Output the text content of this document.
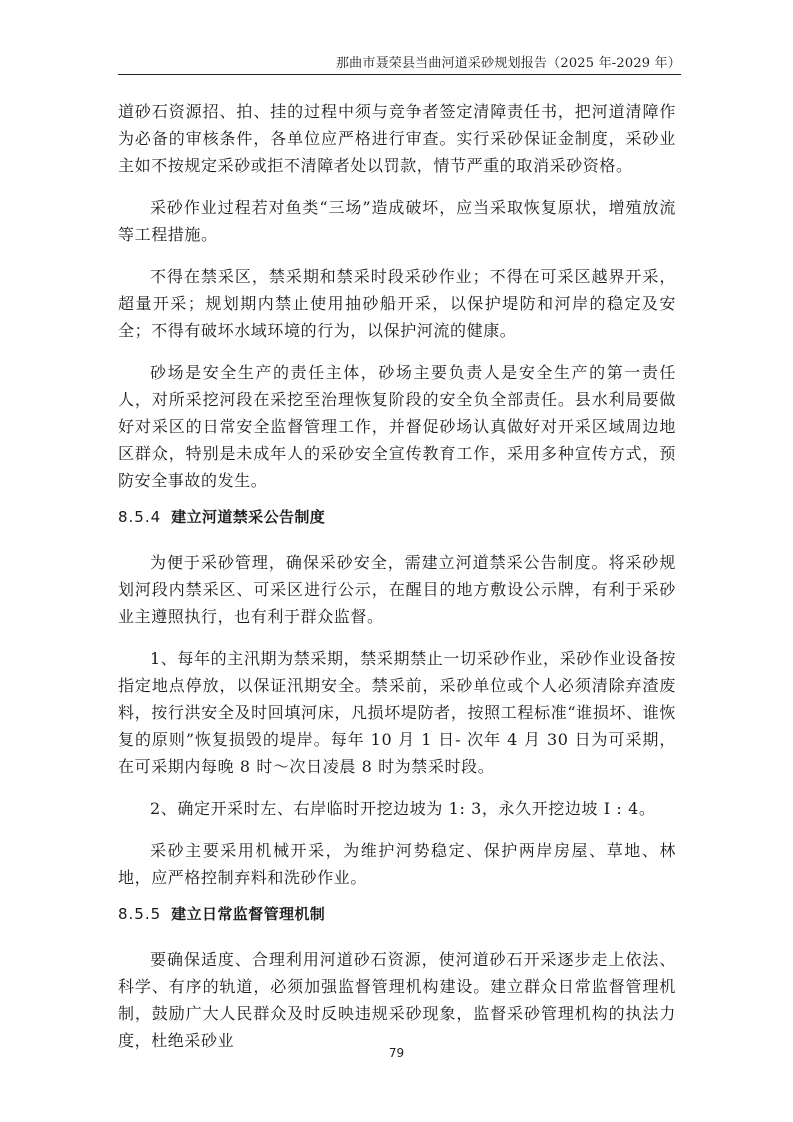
那曲市聂荣县当曲河道采砂规划报告（2025 年-2029 年）

道砂石资源招、拍、挂的过程中须与竞争者签定清障责任书，把河道清障作为必备的审核条件，各单位应严格进行审查。实行采砂保证金制度，采砂业主如不按规定采砂或拒不清障者处以罚款，情节严重的取消采砂资格。

采砂作业过程若对鱼类“三场”造成破坏，应当采取恢复原状，增殖放流等工程措施。

不得在禁采区，禁采期和禁采时段采砂作业；不得在可采区越界开采，超量开采；规划期内禁止使用抽砂船开采，以保护堤防和河岸的稳定及安全；不得有破坏水域环境的行为，以保护河流的健康。

砂场是安全生产的责任主体，砂场主要负责人是安全生产的第一责任人，对所采挖河段在采挖至治理恢复阶段的安全负全部责任。县水利局要做好对采区的日常安全监督管理工作，并督促砂场认真做好对开采区域周边地区群众，特别是未成年人的采砂安全宣传教育工作，采用多种宣传方式，预防安全事故的发生。

8.5.4 建立河道禁采公告制度

为便于采砂管理，确保采砂安全，需建立河道禁采公告制度。将采砂规划河段内禁采区、可采区进行公示，在醒目的地方敷设公示牌，有利于采砂业主遵照执行，也有利于群众监督。

1、每年的主汛期为禁采期，禁采期禁止一切采砂作业，采砂作业设备按指定地点停放，以保证汛期安全。禁采前，采砂单位或个人必须清除弃渣废料，按行洪安全及时回填河床，凡损坏堤防者，按照工程标准“谁损坏、谁恢复的原则”恢复损毁的堤岸。每年 10 月 1 日- 次年 4 月 30 日为可采期，在可采期内每晚 8 时～次日凌晨 8 时为禁采时段。

2、确定开采时左、右岸临时开挖边坡为 1: 3，永久开挖边坡 I : 4。

采砂主要采用机械开采，为维护河势稳定、保护两岸房屋、草地、林地，应严格控制弃料和洗砂作业。

8.5.5 建立日常监督管理机制

要确保适度、合理利用河道砂石资源，使河道砂石开采逐步走上依法、科学、有序的轨道，必须加强监督管理机构建设。建立群众日常监督管理机制，鼓励广大人民群众及时反映违规采砂现象，监督采砂管理机构的执法力度，杜绝采砂业

79
